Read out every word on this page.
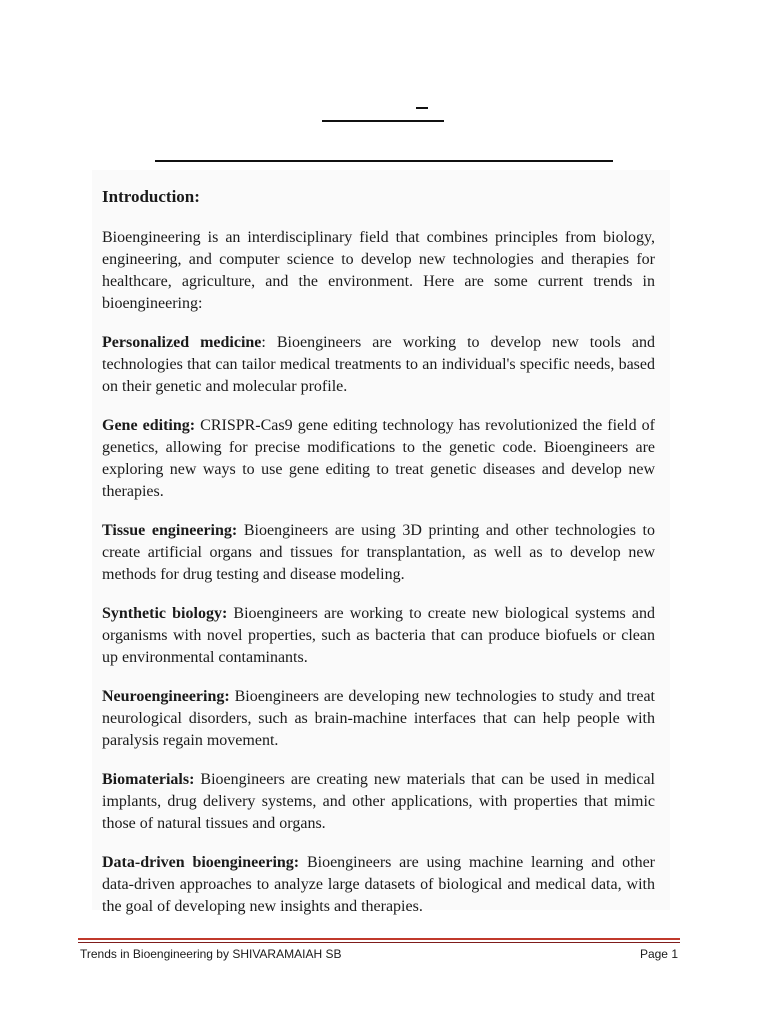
Introduction:

Bioengineering is an interdisciplinary field that combines principles from biology, engineering, and computer science to develop new technologies and therapies for healthcare, agriculture, and the environment. Here are some current trends in bioengineering:

Personalized medicine: Bioengineers are working to develop new tools and technologies that can tailor medical treatments to an individual's specific needs, based on their genetic and molecular profile.

Gene editing: CRISPR-Cas9 gene editing technology has revolutionized the field of genetics, allowing for precise modifications to the genetic code. Bioengineers are exploring new ways to use gene editing to treat genetic diseases and develop new therapies.

Tissue engineering: Bioengineers are using 3D printing and other technologies to create artificial organs and tissues for transplantation, as well as to develop new methods for drug testing and disease modeling.

Synthetic biology: Bioengineers are working to create new biological systems and organisms with novel properties, such as bacteria that can produce biofuels or clean up environmental contaminants.

Neuroengineering: Bioengineers are developing new technologies to study and treat neurological disorders, such as brain-machine interfaces that can help people with paralysis regain movement.

Biomaterials: Bioengineers are creating new materials that can be used in medical implants, drug delivery systems, and other applications, with properties that mimic those of natural tissues and organs.

Data-driven bioengineering: Bioengineers are using machine learning and other data-driven approaches to analyze large datasets of biological and medical data, with the goal of developing new insights and therapies.

Trends in Bioengineering by SHIVARAMAIAH SB	Page 1
